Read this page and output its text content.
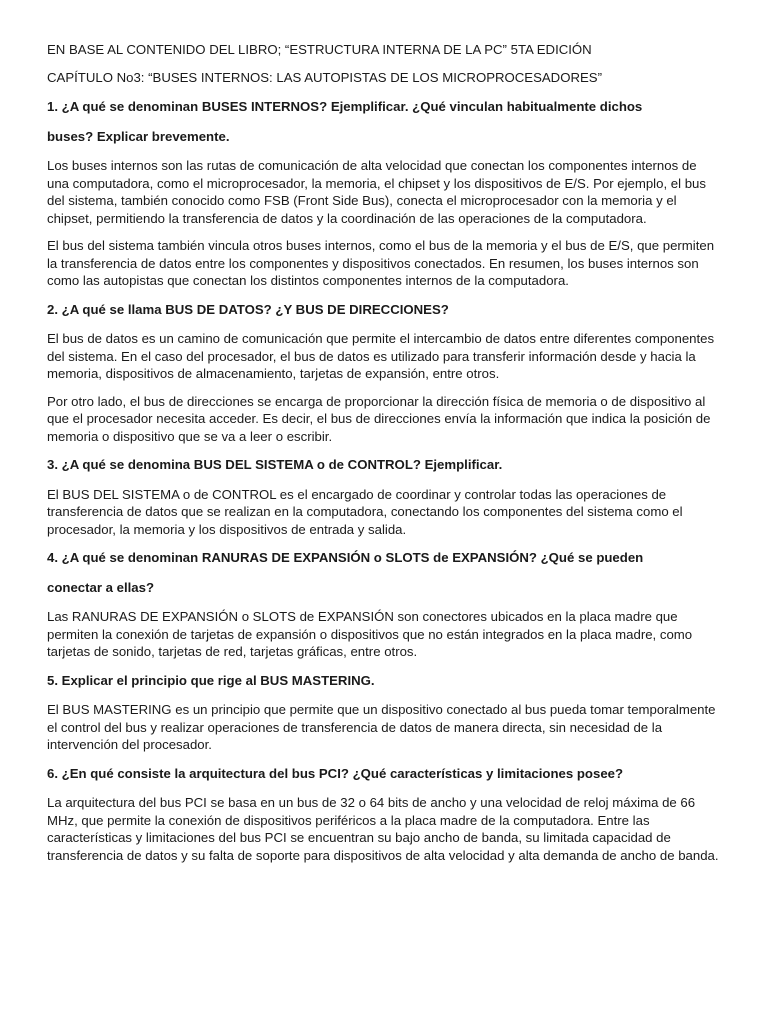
EN BASE AL CONTENIDO DEL LIBRO; “ESTRUCTURA INTERNA DE LA PC” 5TA EDICIÓN
CAPÍTULO No3: “BUSES INTERNOS: LAS AUTOPISTAS DE LOS MICROPROCESADORES”
1. ¿A qué se denominan BUSES INTERNOS? Ejemplificar. ¿Qué vinculan habitualmente dichos
buses? Explicar brevemente.
Los buses internos son las rutas de comunicación de alta velocidad que conectan los componentes internos de una computadora, como el microprocesador, la memoria, el chipset y los dispositivos de E/S. Por ejemplo, el bus del sistema, también conocido como FSB (Front Side Bus), conecta el microprocesador con la memoria y el chipset, permitiendo la transferencia de datos y la coordinación de las operaciones de la computadora.
El bus del sistema también vincula otros buses internos, como el bus de la memoria y el bus de E/S, que permiten la transferencia de datos entre los componentes y dispositivos conectados. En resumen, los buses internos son como las autopistas que conectan los distintos componentes internos de la computadora.
2. ¿A qué se llama BUS DE DATOS? ¿Y BUS DE DIRECCIONES?
El bus de datos es un camino de comunicación que permite el intercambio de datos entre diferentes componentes del sistema. En el caso del procesador, el bus de datos es utilizado para transferir información desde y hacia la memoria, dispositivos de almacenamiento, tarjetas de expansión, entre otros.
Por otro lado, el bus de direcciones se encarga de proporcionar la dirección física de memoria o de dispositivo al que el procesador necesita acceder. Es decir, el bus de direcciones envía la información que indica la posición de memoria o dispositivo que se va a leer o escribir.
3. ¿A qué se denomina BUS DEL SISTEMA o de CONTROL? Ejemplificar.
El BUS DEL SISTEMA o de CONTROL es el encargado de coordinar y controlar todas las operaciones de transferencia de datos que se realizan en la computadora, conectando los componentes del sistema como el procesador, la memoria y los dispositivos de entrada y salida.
4. ¿A qué se denominan RANURAS DE EXPANSIÓN o SLOTS de EXPANSIÓN? ¿Qué se pueden
conectar a ellas?
Las RANURAS DE EXPANSIÓN o SLOTS de EXPANSIÓN son conectores ubicados en la placa madre que permiten la conexión de tarjetas de expansión o dispositivos que no están integrados en la placa madre, como tarjetas de sonido, tarjetas de red, tarjetas gráficas, entre otros.
5. Explicar el principio que rige al BUS MASTERING.
El BUS MASTERING es un principio que permite que un dispositivo conectado al bus pueda tomar temporalmente el control del bus y realizar operaciones de transferencia de datos de manera directa, sin necesidad de la intervención del procesador.
6. ¿En qué consiste la arquitectura del bus PCI? ¿Qué características y limitaciones posee?
La arquitectura del bus PCI se basa en un bus de 32 o 64 bits de ancho y una velocidad de reloj máxima de 66 MHz, que permite la conexión de dispositivos periféricos a la placa madre de la computadora. Entre las características y limitaciones del bus PCI se encuentran su bajo ancho de banda, su limitada capacidad de transferencia de datos y su falta de soporte para dispositivos de alta velocidad y alta demanda de ancho de banda.
